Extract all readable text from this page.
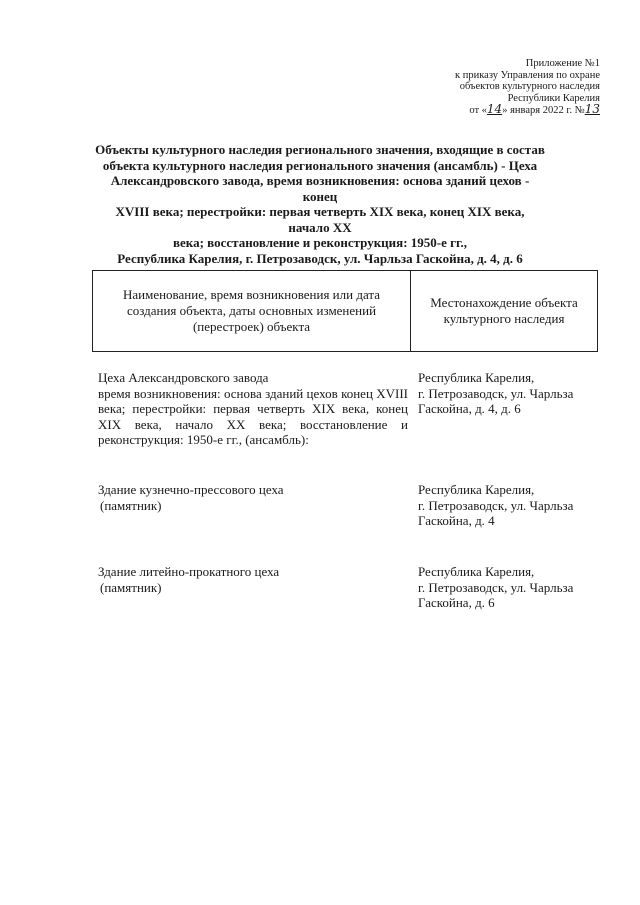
Приложение №1
к приказу Управления по охране
объектов культурного наследия
Республики Карелия
от «14» января 2022 г. №13
Объекты культурного наследия регионального значения, входящие в состав
объекта культурного наследия регионального значения (ансамбль) - Цеха
Александровского завода, время возникновения: основа зданий цехов - конец
XVIII века; перестройки: первая четверть XIX века, конец XIX века, начало XX
века; восстановление и реконструкция: 1950-е гг.,
Республика Карелия, г. Петрозаводск, ул. Чарльза Гаскойна, д. 4, д. 6
Наименование, время возникновения или дата создания объекта, даты основных изменений (перестроек) объекта
Местонахождение объекта культурного наследия
Цеха Александровского завода
время возникновения: основа зданий цехов конец XVIII века; перестройки: первая четверть XIX века, конец XIX века, начало XX века; восстановление и реконструкция: 1950-е гг., (ансамбль):
Республика Карелия,
г. Петрозаводск, ул. Чарльза
Гаскойна, д. 4, д. 6
Здание кузнечно-прессового цеха
(памятник)
Республика Карелия,
г. Петрозаводск, ул. Чарльза
Гаскойна, д. 4
Здание литейно-прокатного цеха
(памятник)
Республика Карелия,
г. Петрозаводск, ул. Чарльза
Гаскойна, д. 6
